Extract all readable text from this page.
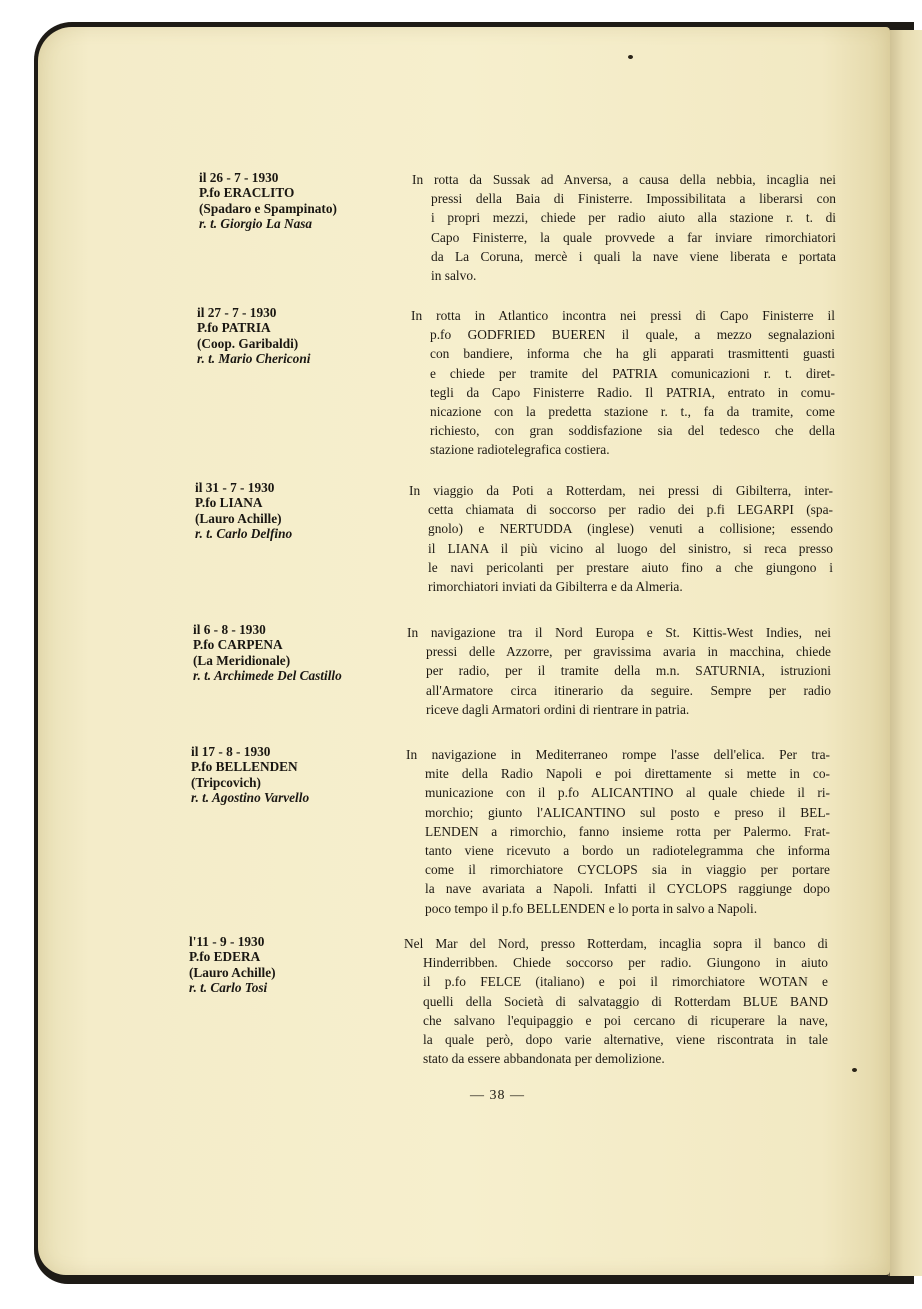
il 26 - 7 - 1930
P.fo ERACLITO
(Spadaro e Spampinato)
r. t. Giorgio La Nasa
In rotta da Sussak ad Anversa, a causa della nebbia, incaglia nei
pressi della Baia di Finisterre. Impossibilitata a liberarsi con
i propri mezzi, chiede per radio aiuto alla stazione r. t. di
Capo Finisterre, la quale provvede a far inviare rimorchiatori
da La Coruna, mercè i quali la nave viene liberata e portata
in salvo.
il 27 - 7 - 1930
P.fo PATRIA
(Coop. Garibaldi)
r. t. Mario Chericoni
In rotta in Atlantico incontra nei pressi di Capo Finisterre il
p.fo GODFRIED BUEREN il quale, a mezzo segnalazioni
con bandiere, informa che ha gli apparati trasmittenti guasti
e chiede per tramite del PATRIA comunicazioni r. t. diret-
tegli da Capo Finisterre Radio. Il PATRIA, entrato in comu-
nicazione con la predetta stazione r. t., fa da tramite, come
richiesto, con gran soddisfazione sia del tedesco che della
stazione radiotelegrafica costiera.
il 31 - 7 - 1930
P.fo LIANA
(Lauro Achille)
r. t. Carlo Delfino
In viaggio da Poti a Rotterdam, nei pressi di Gibilterra, inter-
cetta chiamata di soccorso per radio dei p.fi LEGARPI (spa-
gnolo) e NERTUDDA (inglese) venuti a collisione; essendo
il LIANA il più vicino al luogo del sinistro, si reca presso
le navi pericolanti per prestare aiuto fino a che giungono i
rimorchiatori inviati da Gibilterra e da Almeria.
il 6 - 8 - 1930
P.fo CARPENA
(La Meridionale)
r. t. Archimede Del Castillo
In navigazione tra il Nord Europa e St. Kittis-West Indies, nei
pressi delle Azzorre, per gravissima avaria in macchina, chiede
per radio, per il tramite della m.n. SATURNIA, istruzioni
all'Armatore circa itinerario da seguire. Sempre per radio
riceve dagli Armatori ordini di rientrare in patria.
il 17 - 8 - 1930
P.fo BELLENDEN
(Tripcovich)
r. t. Agostino Varvello
In navigazione in Mediterraneo rompe l'asse dell'elica. Per tra-
mite della Radio Napoli e poi direttamente si mette in co-
municazione con il p.fo ALICANTINO al quale chiede il ri-
morchio; giunto l'ALICANTINO sul posto e preso il BEL-
LENDEN a rimorchio, fanno insieme rotta per Palermo. Frat-
tanto viene ricevuto a bordo un radiotelegramma che informa
come il rimorchiatore CYCLOPS sia in viaggio per portare
la nave avariata a Napoli. Infatti il CYCLOPS raggiunge dopo
poco tempo il p.fo BELLENDEN e lo porta in salvo a Napoli.
l'11 - 9 - 1930
P.fo EDERA
(Lauro Achille)
r. t. Carlo Tosi
Nel Mar del Nord, presso Rotterdam, incaglia sopra il banco di
Hinderribben. Chiede soccorso per radio. Giungono in aiuto
il p.fo FELCE (italiano) e poi il rimorchiatore WOTAN e
quelli della Società di salvataggio di Rotterdam BLUE BAND
che salvano l'equipaggio e poi cercano di ricuperare la nave,
la quale però, dopo varie alternative, viene riscontrata in tale
stato da essere abbandonata per demolizione.
— 38 —
